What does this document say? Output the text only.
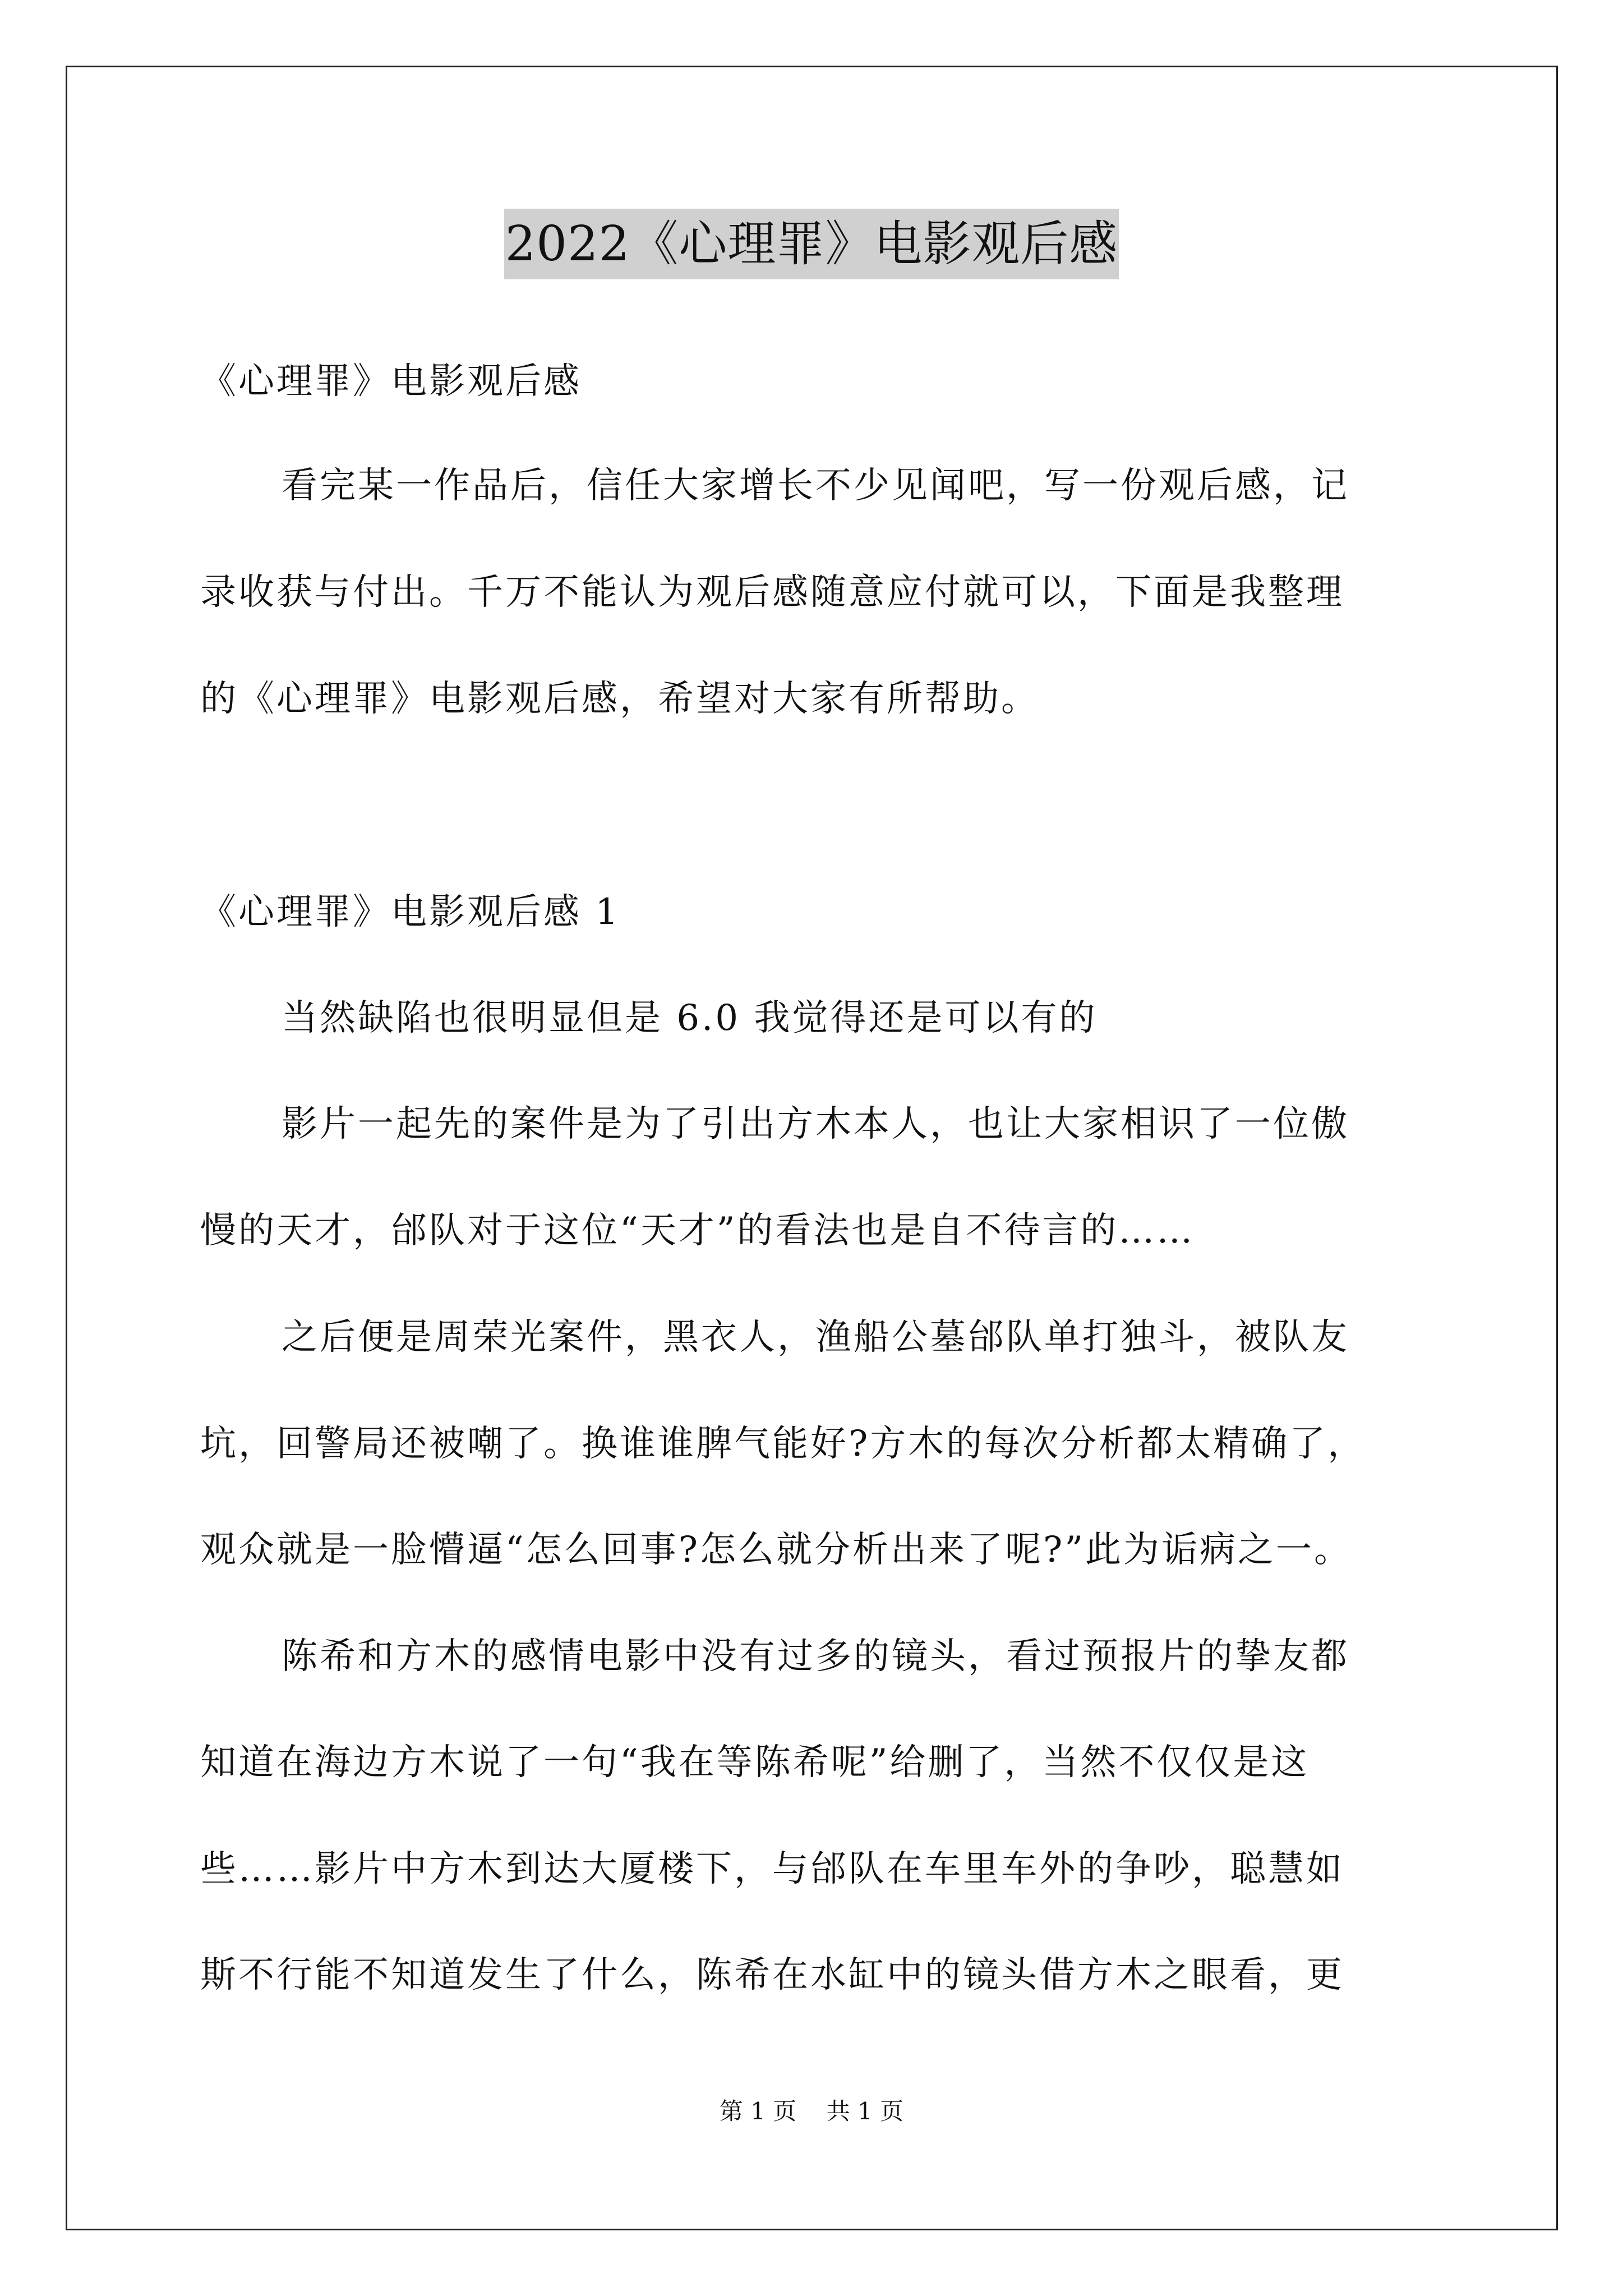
2022《心理罪》电影观后感
《心理罪》电影观后感
看完某一作品后，信任大家增长不少见闻吧，写一份观后感，记
录收获与付出。千万不能认为观后感随意应付就可以，下面是我整理
的《心理罪》电影观后感，希望对大家有所帮助。
《心理罪》电影观后感 1
当然缺陷也很明显但是 6.0 我觉得还是可以有的
影片一起先的案件是为了引出方木本人，也让大家相识了一位傲
慢的天才，邰队对于这位“天才”的看法也是自不待言的……
之后便是周荣光案件，黑衣人，渔船公墓邰队单打独斗，被队友
坑，回警局还被嘲了。换谁谁脾气能好?方木的每次分析都太精确了，
观众就是一脸懵逼“怎么回事?怎么就分析出来了呢?”此为诟病之一。
陈希和方木的感情电影中没有过多的镜头，看过预报片的挚友都
知道在海边方木说了一句“我在等陈希呢”给删了，当然不仅仅是这
些……影片中方木到达大厦楼下，与邰队在车里车外的争吵，聪慧如
斯不行能不知道发生了什么，陈希在水缸中的镜头借方木之眼看，更
第 1 页    共 1 页
